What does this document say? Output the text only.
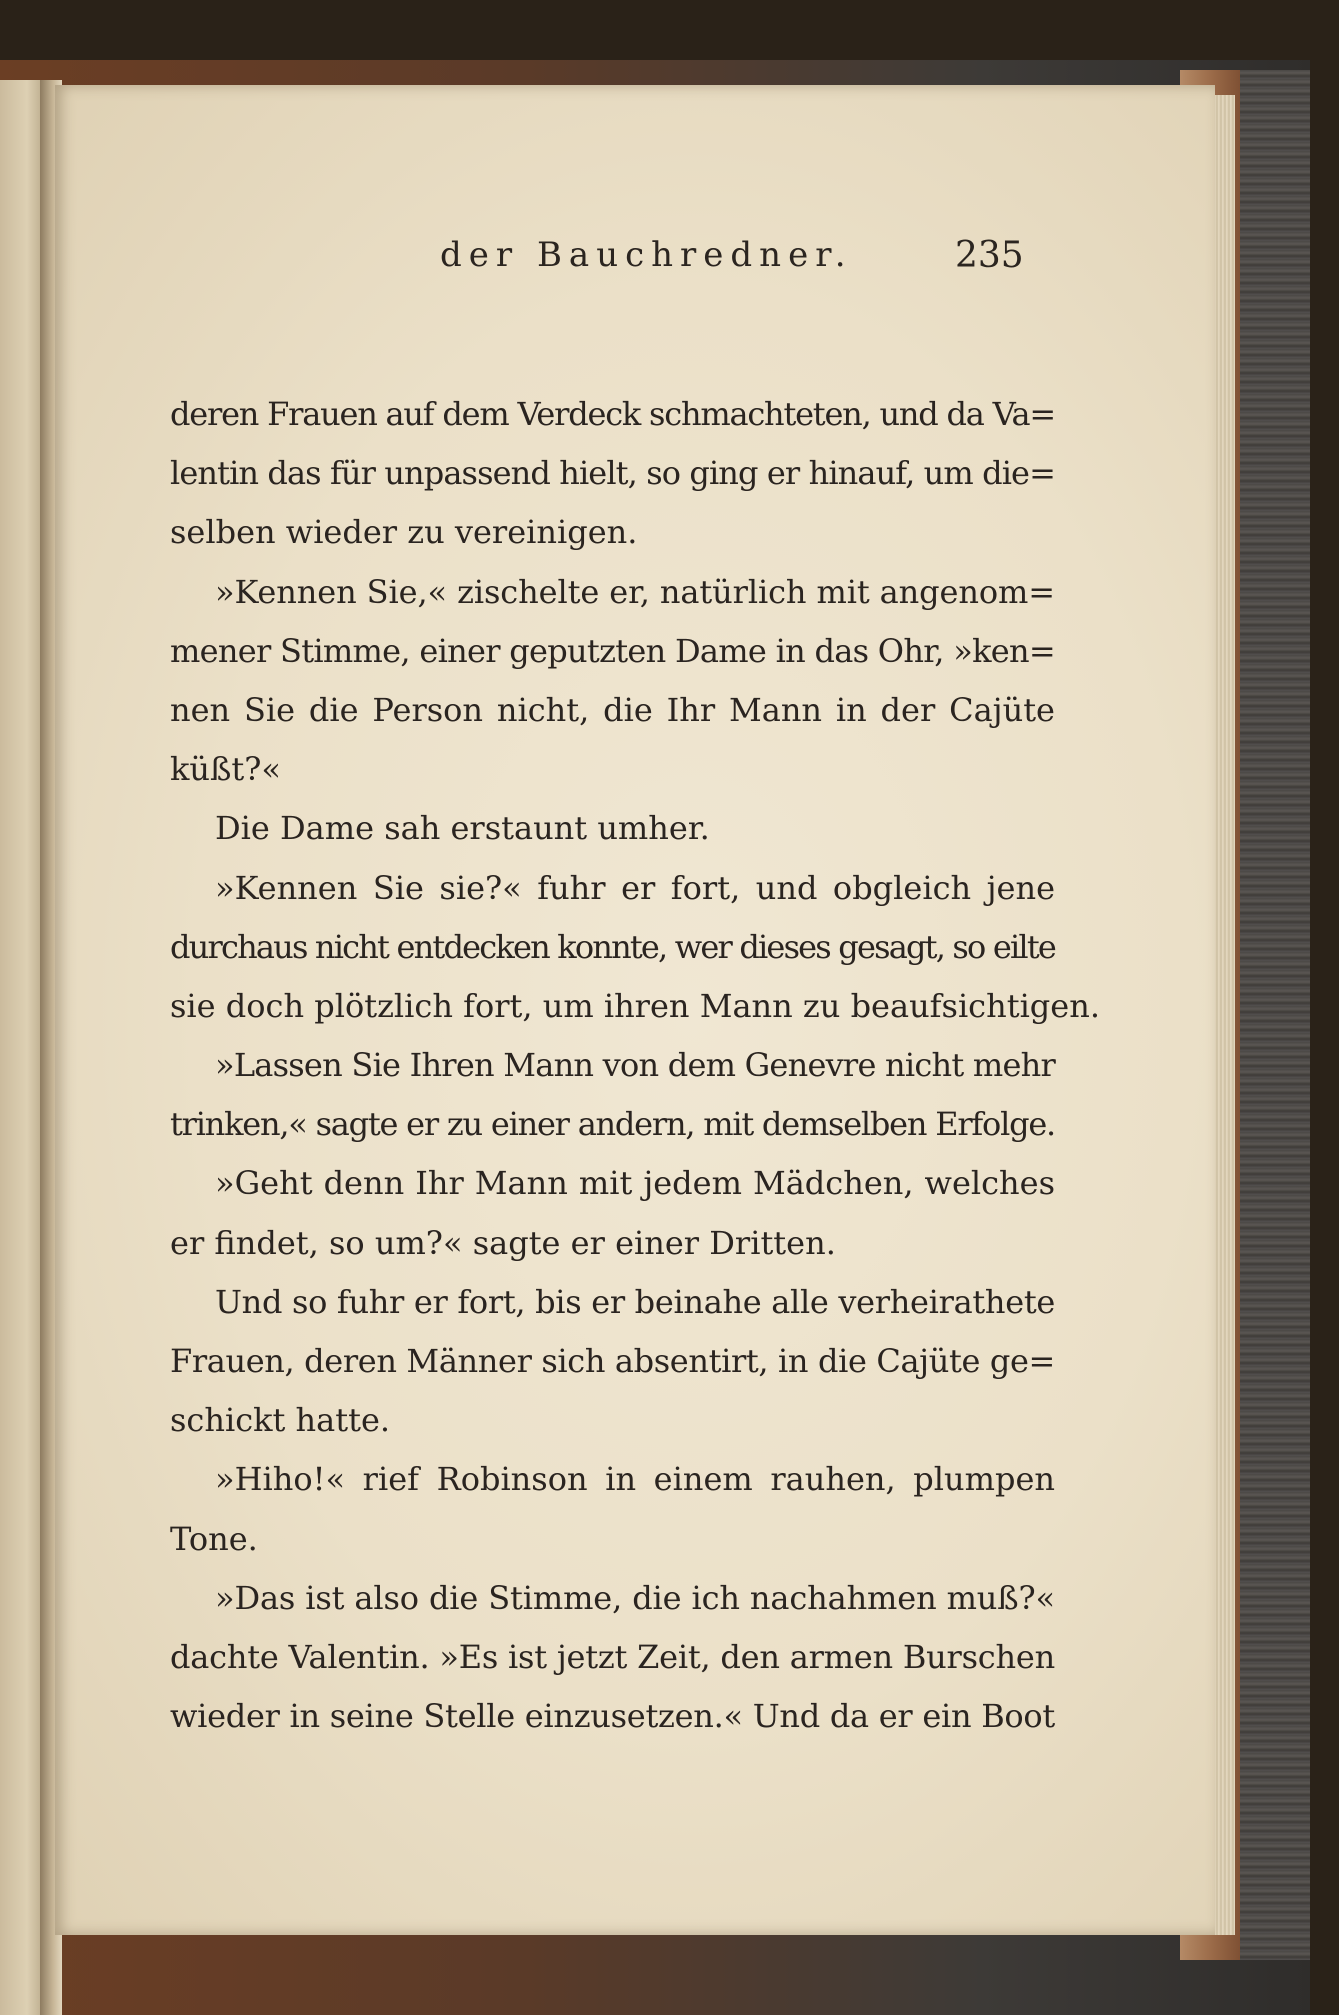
der Bauchredner.	235
deren Frauen auf dem Verdeck schmachteten, und da Va=
lentin das für unpassend hielt, so ging er hinauf, um die=
selben wieder zu vereinigen.
»Kennen Sie,« zischelte er, natürlich mit angenom=
mener Stimme, einer geputzten Dame in das Ohr, »ken=
nen Sie die Person nicht, die Ihr Mann in der Cajüte
küßt?«
Die Dame sah erstaunt umher.
»Kennen Sie sie?« fuhr er fort, und obgleich jene
durchaus nicht entdecken konnte, wer dieses gesagt, so eilte
sie doch plötzlich fort, um ihren Mann zu beaufsichtigen.
»Lassen Sie Ihren Mann von dem Genevre nicht mehr
trinken,« sagte er zu einer andern, mit demselben Erfolge.
»Geht denn Ihr Mann mit jedem Mädchen, welches
er findet, so um?« sagte er einer Dritten.
Und so fuhr er fort, bis er beinahe alle verheirathete
Frauen, deren Männer sich absentirt, in die Cajüte ge=
schickt hatte.
»Hiho!« rief Robinson in einem rauhen, plumpen
Tone.
»Das ist also die Stimme, die ich nachahmen muß?«
dachte Valentin. »Es ist jetzt Zeit, den armen Burschen
wieder in seine Stelle einzusetzen.« Und da er ein Boot
